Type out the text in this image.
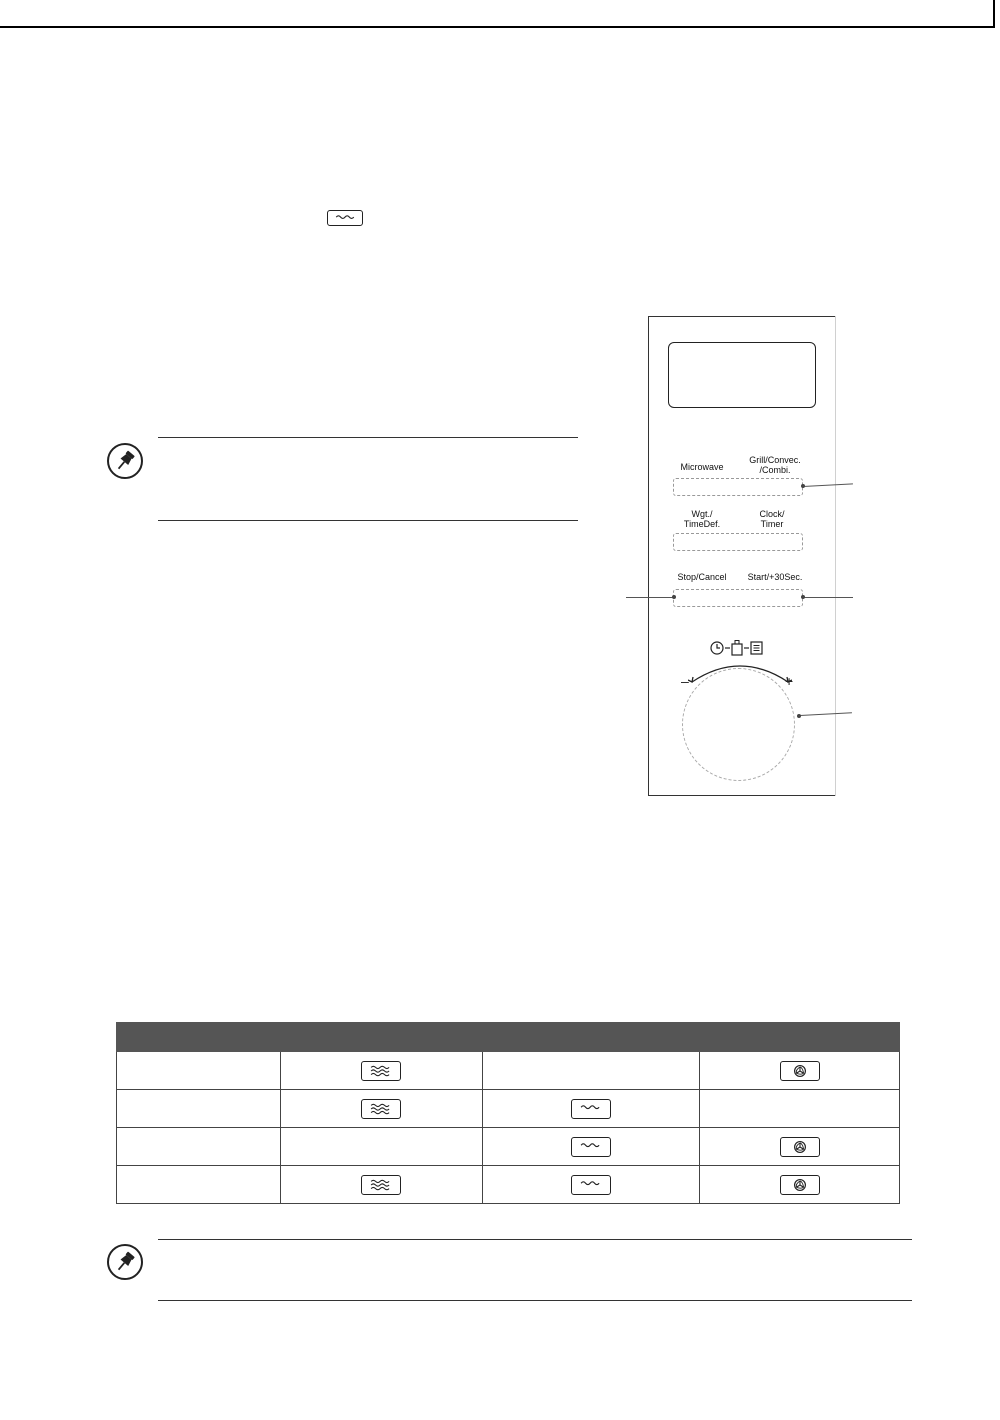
Microwave
Grill/Convec.
/Combi.
Wgt./
TimeDef.
Clock/
Timer
Stop/Cancel	Start/+30Sec.
–	+
